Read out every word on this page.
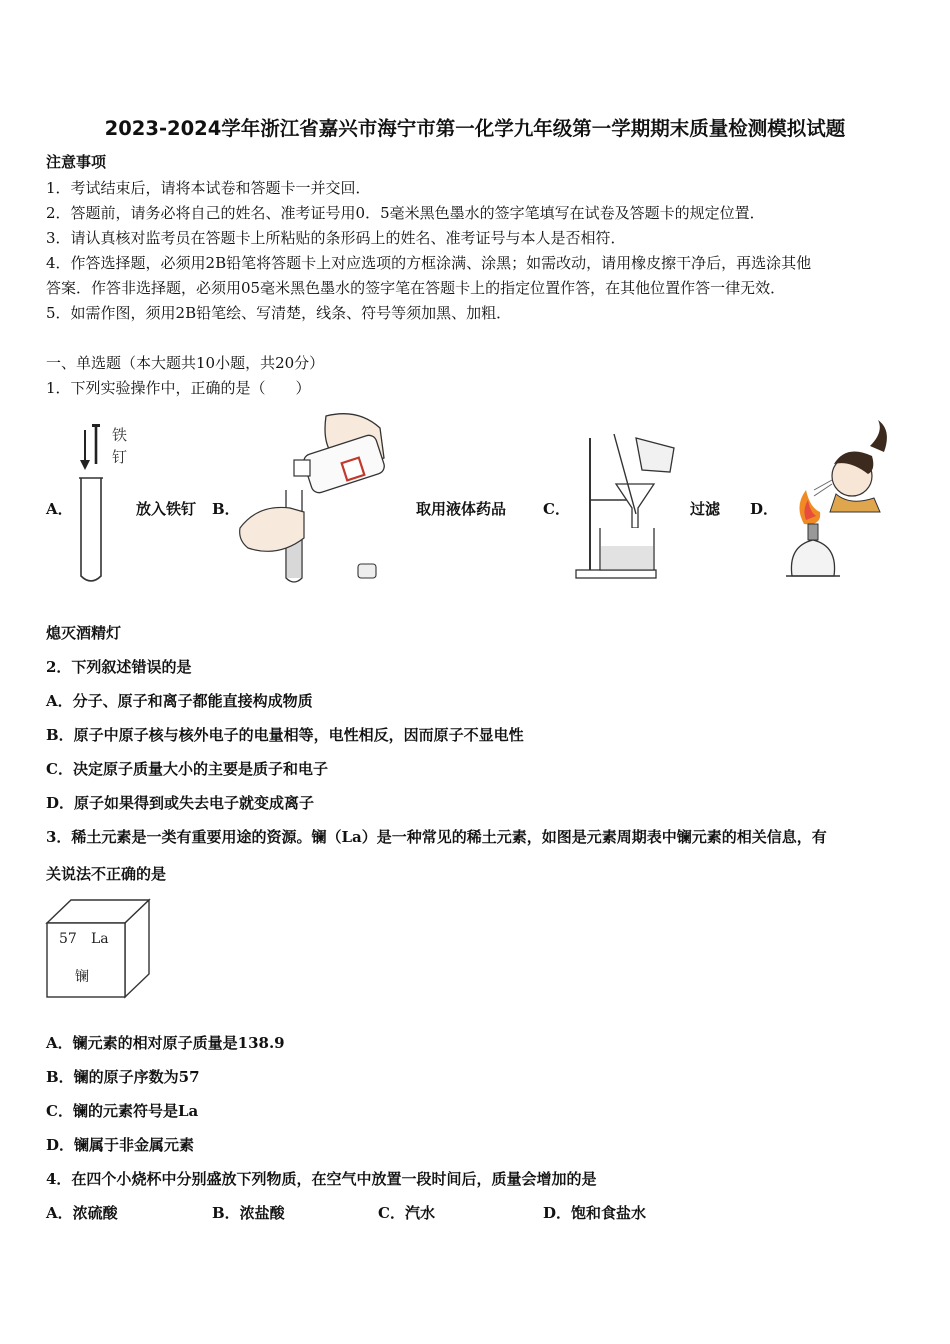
2023-2024学年浙江省嘉兴市海宁市第一化学九年级第一学期期末质量检测模拟试题
注意事项
1．考试结束后，请将本试卷和答题卡一并交回．
2．答题前，请务必将自己的姓名、准考证号用0．5毫米黑色墨水的签字笔填写在试卷及答题卡的规定位置．
3．请认真核对监考员在答题卡上所粘贴的条形码上的姓名、准考证号与本人是否相符．
4．作答选择题，必须用2B铅笔将答题卡上对应选项的方框涂满、涂黑；如需改动，请用橡皮擦干净后，再选涂其他
答案．作答非选择题，必须用05毫米黑色墨水的签字笔在答题卡上的指定位置作答，在其他位置作答一律无效．
5．如需作图，须用2B铅笔绘、写清楚，线条、符号等须加黑、加粗．
一、单选题（本大题共10小题，共20分）
1．下列实验操作中，正确的是（　　）
A．
铁
钉
放入铁钉 B．	取用液体药品 C．	过滤 D．
熄灭酒精灯
2．下列叙述错误的是
A．分子、原子和离子都能直接构成物质
B．原子中原子核与核外电子的电量相等，电性相反，因而原子不显电性
C．决定原子质量大小的主要是质子和电子
D．原子如果得到或失去电子就变成离子
3．稀土元素是一类有重要用途的资源。镧（La）是一种常见的稀土元素，如图是元素周期表中镧元素的相关信息，有
关说法不正确的是
57 La
镧
A．镧元素的相对原子质量是138.9
B．镧的原子序数为57
C．镧的元素符号是La
D．镧属于非金属元素
4．在四个小烧杯中分别盛放下列物质，在空气中放置一段时间后，质量会增加的是
A．浓硫酸	B．浓盐酸	C．汽水	D．饱和食盐水
